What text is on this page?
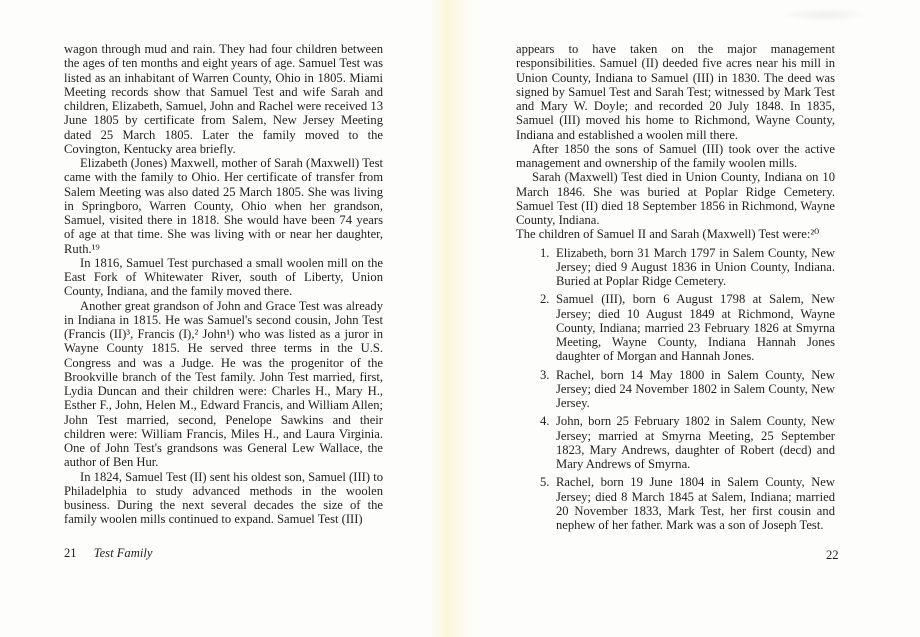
wagon through mud and rain. They had four children between the ages of ten months and eight years of age. Samuel Test was listed as an inhabitant of Warren County, Ohio in 1805. Miami Meeting records show that Samuel Test and wife Sarah and children, Elizabeth, Samuel, John and Rachel were received 13 June 1805 by certificate from Salem, New Jersey Meeting dated 25 March 1805. Later the family moved to the Covington, Kentucky area briefly.

Elizabeth (Jones) Maxwell, mother of Sarah (Maxwell) Test came with the family to Ohio. Her certificate of transfer from Salem Meeting was also dated 25 March 1805. She was living in Springboro, Warren County, Ohio when her grandson, Samuel, visited there in 1818. She would have been 74 years of age at that time. She was living with or near her daughter, Ruth.¹⁹

In 1816, Samuel Test purchased a small woolen mill on the East Fork of Whitewater River, south of Liberty, Union County, Indiana, and the family moved there.

Another great grandson of John and Grace Test was already in Indiana in 1815. He was Samuel's second cousin, John Test (Francis (II)³, Francis (I),² John¹) who was listed as a juror in Wayne County 1815. He served three terms in the U.S. Congress and was a Judge. He was the progenitor of the Brookville branch of the Test family. John Test married, first, Lydia Duncan and their children were: Charles H., Mary H., Esther F., John, Helen M., Edward Francis, and William Allen; John Test married, second, Penelope Sawkins and their children were: William Francis, Miles H., and Laura Virginia. One of John Test's grandsons was General Lew Wallace, the author of Ben Hur.

In 1824, Samuel Test (II) sent his oldest son, Samuel (III) to Philadelphia to study advanced methods in the woolen business. During the next several decades the size of the family woolen mills continued to expand. Samuel Test (III)

21 Test Family

appears to have taken on the major management responsibilities. Samuel (II) deeded five acres near his mill in Union County, Indiana to Samuel (III) in 1830. The deed was signed by Samuel Test and Sarah Test; witnessed by Mark Test and Mary W. Doyle; and recorded 20 July 1848. In 1835, Samuel (III) moved his home to Richmond, Wayne County, Indiana and established a woolen mill there.

After 1850 the sons of Samuel (III) took over the active management and ownership of the family woolen mills.

Sarah (Maxwell) Test died in Union County, Indiana on 10 March 1846. She was buried at Poplar Ridge Cemetery. Samuel Test (II) died 18 September 1856 in Richmond, Wayne County, Indiana.

The children of Samuel II and Sarah (Maxwell) Test were:²⁰

1. Elizabeth, born 31 March 1797 in Salem County, New Jersey; died 9 August 1836 in Union County, Indiana. Buried at Poplar Ridge Cemetery.
2. Samuel (III), born 6 August 1798 at Salem, New Jersey; died 10 August 1849 at Richmond, Wayne County, Indiana; married 23 February 1826 at Smyrna Meeting, Wayne County, Indiana Hannah Jones daughter of Morgan and Hannah Jones.
3. Rachel, born 14 May 1800 in Salem County, New Jersey; died 24 November 1802 in Salem County, New Jersey.
4. John, born 25 February 1802 in Salem County, New Jersey; married at Smyrna Meeting, 25 September 1823, Mary Andrews, daughter of Robert (decd) and Mary Andrews of Smyrna.
5. Rachel, born 19 June 1804 in Salem County, New Jersey; died 8 March 1845 at Salem, Indiana; married 20 November 1833, Mark Test, her first cousin and nephew of her father. Mark was a son of Joseph Test.
22
